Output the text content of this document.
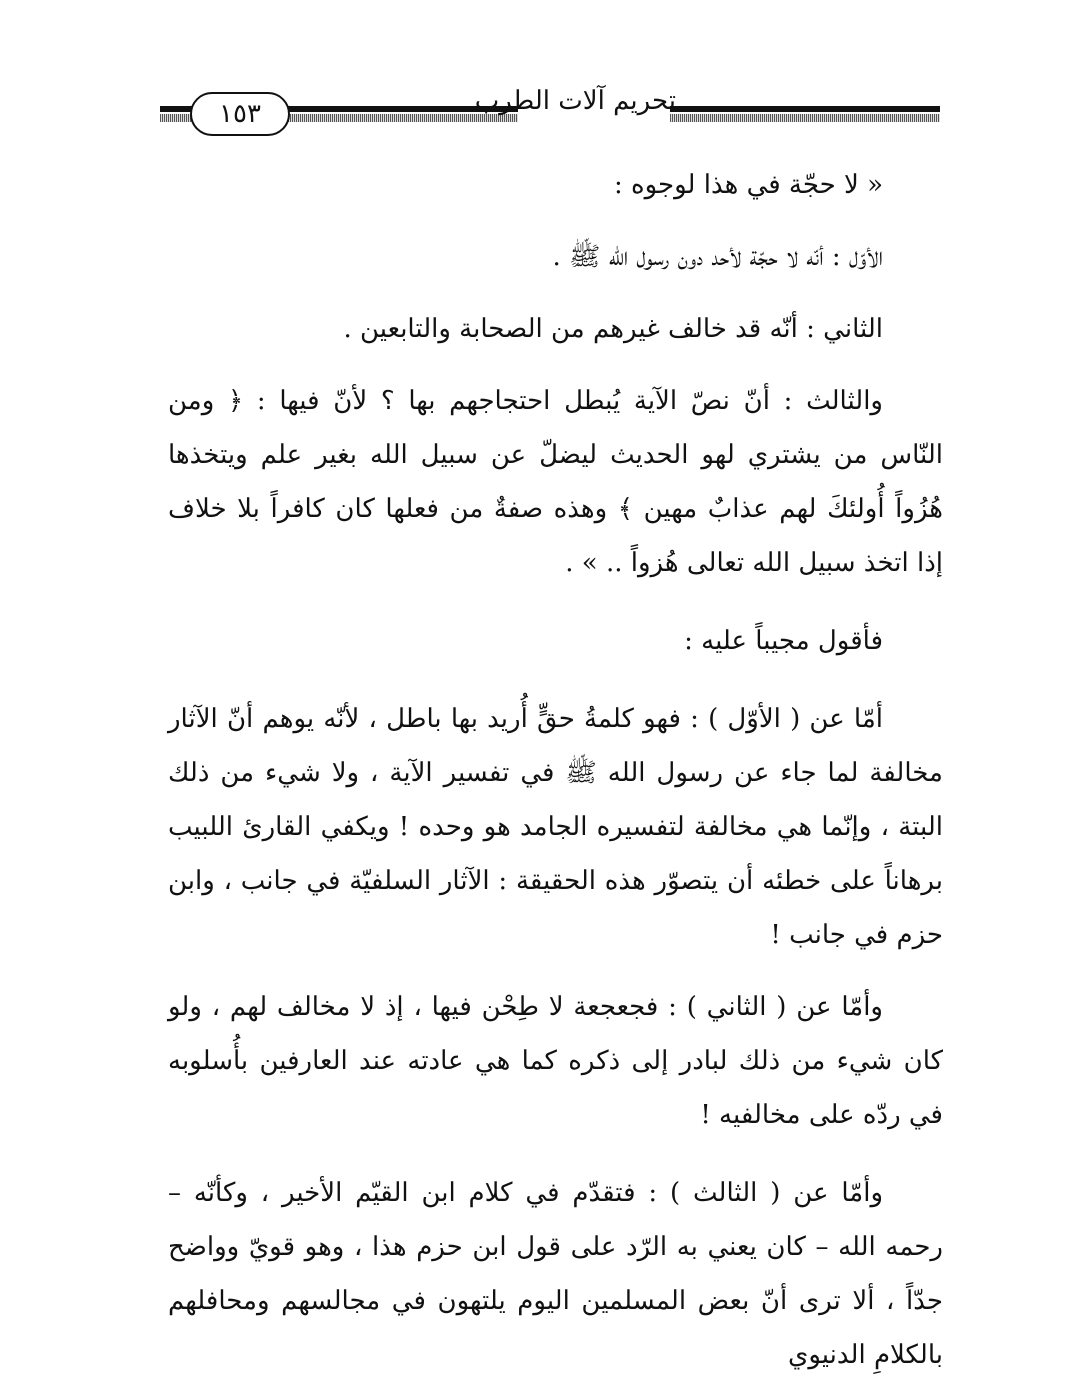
١٥٣	تحريم آلات الطرب

« لا حجّة في هذا لوجوه :

الأوّل : أنّه لا حجّة لأحد دون رسول الله ﷺ .

الثاني : أنّه قد خالف غيرهم من الصحابة والتابعين .

والثالث : أنّ نصّ الآية يُبطل احتجاجهم بها ؟ لأنّ فيها : ﴿ ومن النّاس من يشتري لهو الحديث ليضلّ عن سبيل الله بغير علم ويتخذها هُزُواً أُولئكَ لهم عذابٌ مهين ﴾ وهذه صفةٌ من فعلها كان كافراً بلا خلاف إذا اتخذ سبيل الله تعالى هُزواً .. » .

فأقول مجيباً عليه :

أمّا عن ( الأوّل ) : فهو كلمةُ حقٍّ أُريد بها باطل ، لأنّه يوهم أنّ الآثار مخالفة لما جاء عن رسول الله ﷺ في تفسير الآية ، ولا شيء من ذلك البتة ، وإنّما هي مخالفة لتفسيره الجامد هو وحده ! ويكفي القارئ اللبيب برهاناً على خطئه أن يتصوّر هذه الحقيقة : الآثار السلفيّة في جانب ، وابن حزم في جانب !

وأمّا عن ( الثاني ) : فجعجعة لا طِحْن فيها ، إذ لا مخالف لهم ، ولو كان شيء من ذلك لبادر إلى ذكره كما هي عادته عند العارفين بأُسلوبه في ردّه على مخالفيه !

وأمّا عن ( الثالث ) : فتقدّم في كلام ابن القيّم الأخير ، وكأنّه – رحمه الله – كان يعني به الرّد على قول ابن حزم هذا ، وهو قويّ وواضح جدّاً ، ألا ترى أنّ بعض المسلمين اليوم يلتهون في مجالسهم ومحافلهم بالكلامِ الدنيوي
